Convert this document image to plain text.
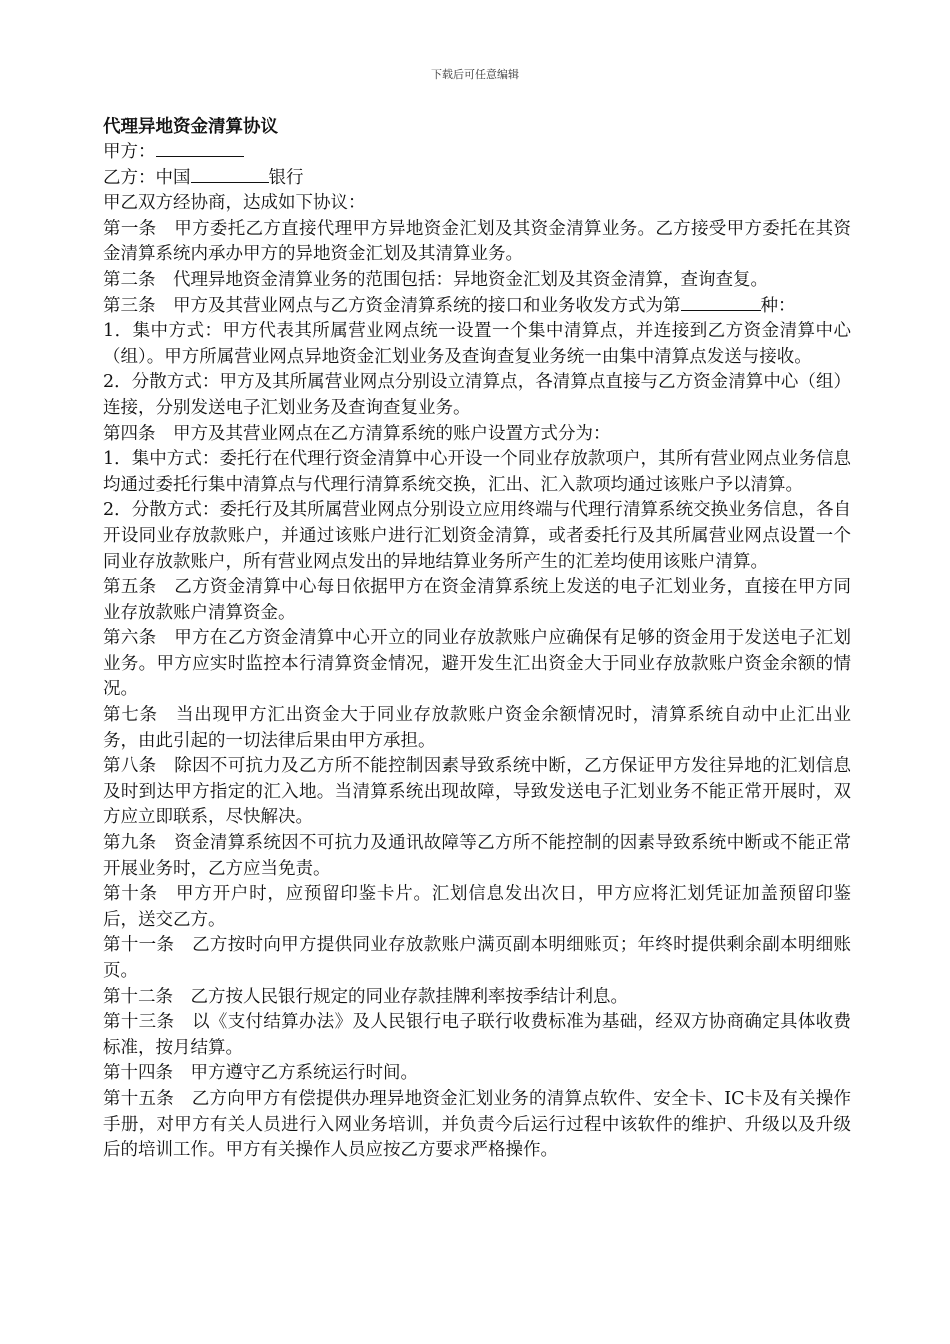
下载后可任意编辑

代理异地资金清算协议

甲方：

乙方：中国	银行

甲乙双方经协商，达成如下协议：

第一条　甲方委托乙方直接代理甲方异地资金汇划及其资金清算业务。乙方接受甲方委托在其资金清算系统内承办甲方的异地资金汇划及其清算业务。

第二条　代理异地资金清算业务的范围包括：异地资金汇划及其资金清算，查询查复。

第三条　甲方及其营业网点与乙方资金清算系统的接口和业务收发方式为第	种：

1．集中方式：甲方代表其所属营业网点统一设置一个集中清算点，并连接到乙方资金清算中心（组）。甲方所属营业网点异地资金汇划业务及查询查复业务统一由集中清算点发送与接收。

2．分散方式：甲方及其所属营业网点分别设立清算点，各清算点直接与乙方资金清算中心（组）连接，分别发送电子汇划业务及查询查复业务。

第四条　甲方及其营业网点在乙方清算系统的账户设置方式分为：

1．集中方式：委托行在代理行资金清算中心开设一个同业存放款项户，其所有营业网点业务信息均通过委托行集中清算点与代理行清算系统交换，汇出、汇入款项均通过该账户予以清算。

2．分散方式：委托行及其所属营业网点分别设立应用终端与代理行清算系统交换业务信息，各自开设同业存放款账户，并通过该账户进行汇划资金清算，或者委托行及其所属营业网点设置一个同业存放款账户，所有营业网点发出的异地结算业务所产生的汇差均使用该账户清算。

第五条　乙方资金清算中心每日依据甲方在资金清算系统上发送的电子汇划业务，直接在甲方同业存放款账户清算资金。

第六条　甲方在乙方资金清算中心开立的同业存放款账户应确保有足够的资金用于发送电子汇划业务。甲方应实时监控本行清算资金情况，避开发生汇出资金大于同业存放款账户资金余额的情况。

第七条　当出现甲方汇出资金大于同业存放款账户资金余额情况时，清算系统自动中止汇出业务，由此引起的一切法律后果由甲方承担。

第八条　除因不可抗力及乙方所不能控制因素导致系统中断，乙方保证甲方发往异地的汇划信息及时到达甲方指定的汇入地。当清算系统出现故障，导致发送电子汇划业务不能正常开展时，双方应立即联系，尽快解决。

第九条　资金清算系统因不可抗力及通讯故障等乙方所不能控制的因素导致系统中断或不能正常开展业务时，乙方应当免责。

第十条　甲方开户时，应预留印鉴卡片。汇划信息发出次日，甲方应将汇划凭证加盖预留印鉴后，送交乙方。

第十一条　乙方按时向甲方提供同业存放款账户满页副本明细账页；年终时提供剩余副本明细账页。

第十二条　乙方按人民银行规定的同业存款挂牌利率按季结计利息。

第十三条　以《支付结算办法》及人民银行电子联行收费标准为基础，经双方协商确定具体收费标准，按月结算。

第十四条　甲方遵守乙方系统运行时间。

第十五条　乙方向甲方有偿提供办理异地资金汇划业务的清算点软件、安全卡、IC卡及有关操作手册，对甲方有关人员进行入网业务培训，并负责今后运行过程中该软件的维护、升级以及升级后的培训工作。甲方有关操作人员应按乙方要求严格操作。
